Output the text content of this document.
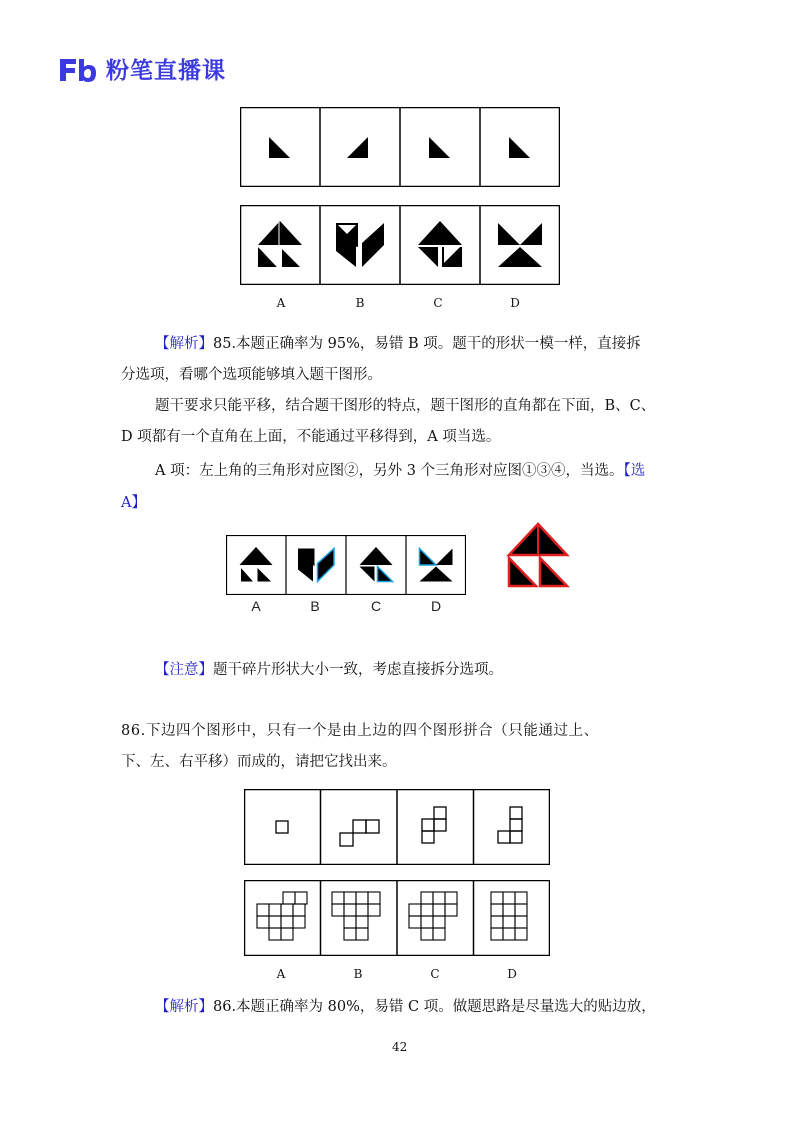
粉笔直播课
A	B	C	D
【解析】85.本题正确率为 95%，易错 B 项。题干的形状一模一样，直接拆
分选项，看哪个选项能够填入题干图形。
题干要求只能平移，结合题干图形的特点，题干图形的直角都在下面，B、C、
D 项都有一个直角在上面，不能通过平移得到，A 项当选。
A 项：左上角的三角形对应图②，另外 3 个三角形对应图①③④，当选。【选
A】
A	B	C	D
【注意】题干碎片形状大小一致，考虑直接拆分选项。
86.下边四个图形中，只有一个是由上边的四个图形拼合（只能通过上、
下、左、右平移）而成的，请把它找出来。
A	B	C	D
【解析】86.本题正确率为 80%，易错 C 项。做题思路是尽量选大的贴边放，
42
